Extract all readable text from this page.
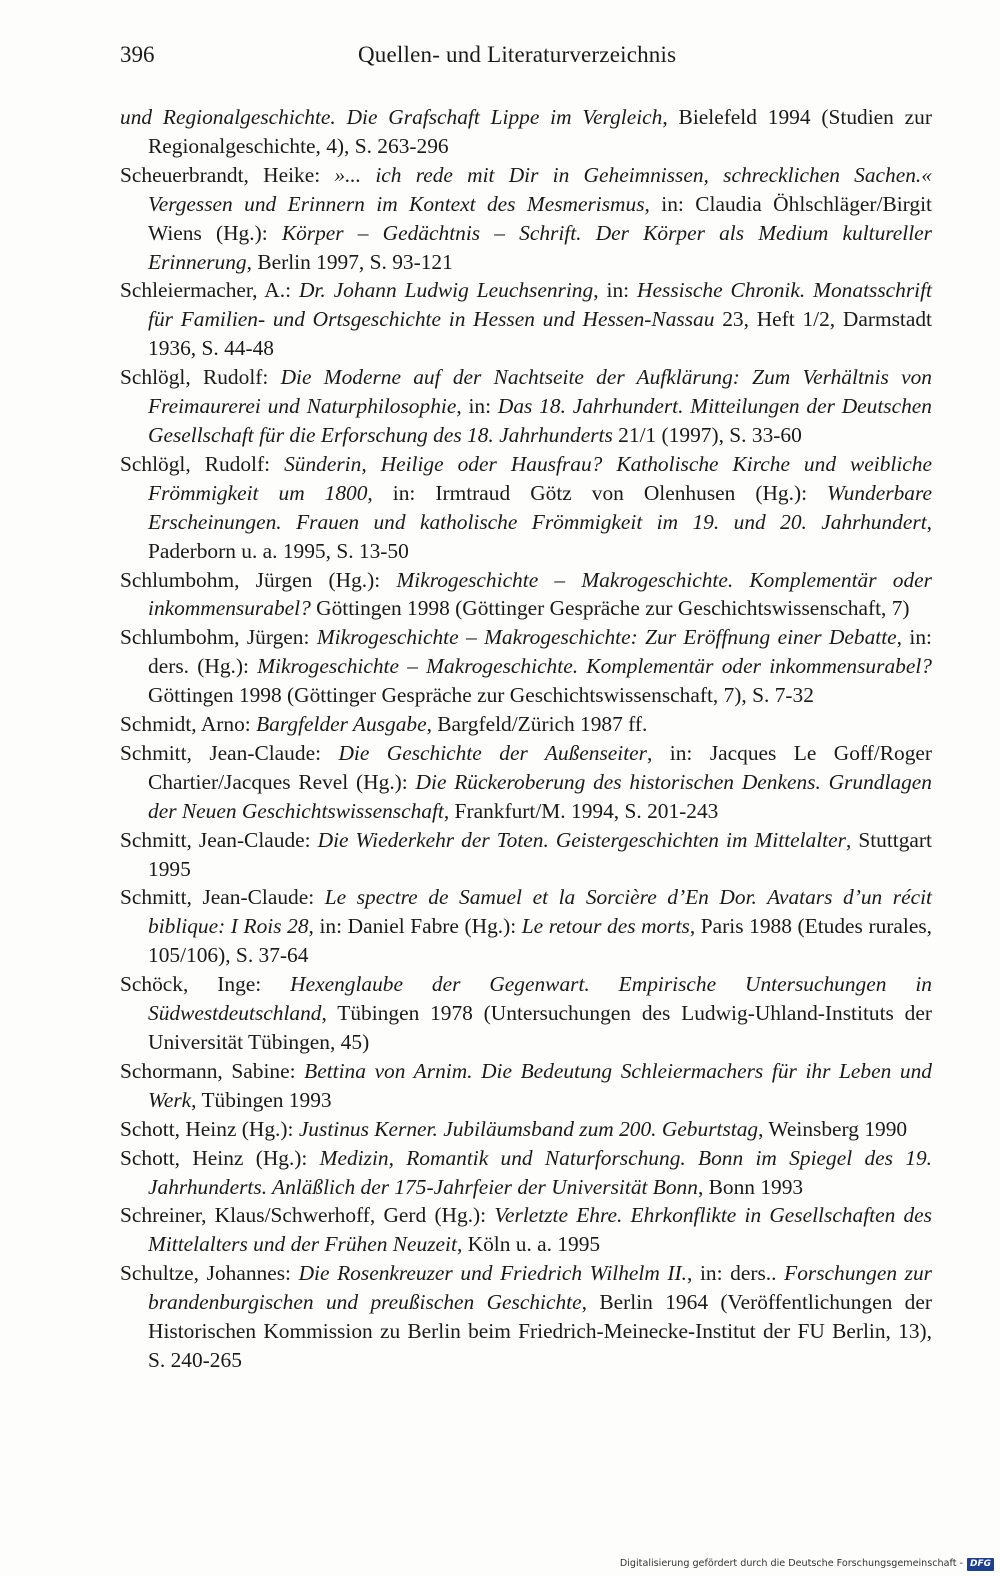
396	Quellen- und Literaturverzeichnis
und Regionalgeschichte. Die Grafschaft Lippe im Vergleich, Bielefeld 1994 (Studien zur Regionalgeschichte, 4), S. 263-296
Scheuerbrandt, Heike: »... ich rede mit Dir in Geheimnissen, schrecklichen Sachen.« Vergessen und Erinnern im Kontext des Mesmerismus, in: Claudia Öhlschläger/Birgit Wiens (Hg.): Körper – Gedächtnis – Schrift. Der Körper als Medium kultureller Erinnerung, Berlin 1997, S. 93-121
Schleiermacher, A.: Dr. Johann Ludwig Leuchsenring, in: Hessische Chronik. Monatsschrift für Familien- und Ortsgeschichte in Hessen und Hessen-Nassau 23, Heft 1/2, Darmstadt 1936, S. 44-48
Schlögl, Rudolf: Die Moderne auf der Nachtseite der Aufklärung: Zum Verhältnis von Freimaurerei und Naturphilosophie, in: Das 18. Jahrhundert. Mitteilungen der Deutschen Gesellschaft für die Erforschung des 18. Jahrhunderts 21/1 (1997), S. 33-60
Schlögl, Rudolf: Sünderin, Heilige oder Hausfrau? Katholische Kirche und weibliche Frömmigkeit um 1800, in: Irmtraud Götz von Olenhusen (Hg.): Wunderbare Erscheinungen. Frauen und katholische Frömmigkeit im 19. und 20. Jahrhundert, Paderborn u. a. 1995, S. 13-50
Schlumbohm, Jürgen (Hg.): Mikrogeschichte – Makrogeschichte. Komplementär oder inkommensurabel? Göttingen 1998 (Göttinger Gespräche zur Geschichtswissenschaft, 7)
Schlumbohm, Jürgen: Mikrogeschichte – Makrogeschichte: Zur Eröffnung einer Debatte, in: ders. (Hg.): Mikrogeschichte – Makrogeschichte. Komplementär oder inkommensurabel? Göttingen 1998 (Göttinger Gespräche zur Geschichtswissenschaft, 7), S. 7-32
Schmidt, Arno: Bargfelder Ausgabe, Bargfeld/Zürich 1987 ff.
Schmitt, Jean-Claude: Die Geschichte der Außenseiter, in: Jacques Le Goff/Roger Chartier/Jacques Revel (Hg.): Die Rückeroberung des historischen Denkens. Grundlagen der Neuen Geschichtswissenschaft, Frankfurt/M. 1994, S. 201-243
Schmitt, Jean-Claude: Die Wiederkehr der Toten. Geistergeschichten im Mittelalter, Stuttgart 1995
Schmitt, Jean-Claude: Le spectre de Samuel et la Sorcière d’En Dor. Avatars d’un récit biblique: I Rois 28, in: Daniel Fabre (Hg.): Le retour des morts, Paris 1988 (Etudes rurales, 105/106), S. 37-64
Schöck, Inge: Hexenglaube der Gegenwart. Empirische Untersuchungen in Südwestdeutschland, Tübingen 1978 (Untersuchungen des Ludwig-Uhland-Instituts der Universität Tübingen, 45)
Schormann, Sabine: Bettina von Arnim. Die Bedeutung Schleiermachers für ihr Leben und Werk, Tübingen 1993
Schott, Heinz (Hg.): Justinus Kerner. Jubiläumsband zum 200. Geburtstag, Weinsberg 1990
Schott, Heinz (Hg.): Medizin, Romantik und Naturforschung. Bonn im Spiegel des 19. Jahrhunderts. Anläßlich der 175-Jahrfeier der Universität Bonn, Bonn 1993
Schreiner, Klaus/Schwerhoff, Gerd (Hg.): Verletzte Ehre. Ehrkonflikte in Gesellschaften des Mittelalters und der Frühen Neuzeit, Köln u. a. 1995
Schultze, Johannes: Die Rosenkreuzer und Friedrich Wilhelm II., in: ders.. Forschungen zur brandenburgischen und preußischen Geschichte, Berlin 1964 (Veröffentlichungen der Historischen Kommission zu Berlin beim Friedrich-Meinecke-Institut der FU Berlin, 13), S. 240-265
Digitalisierung gefördert durch die Deutsche Forschungsgemeinschaft - DFG
